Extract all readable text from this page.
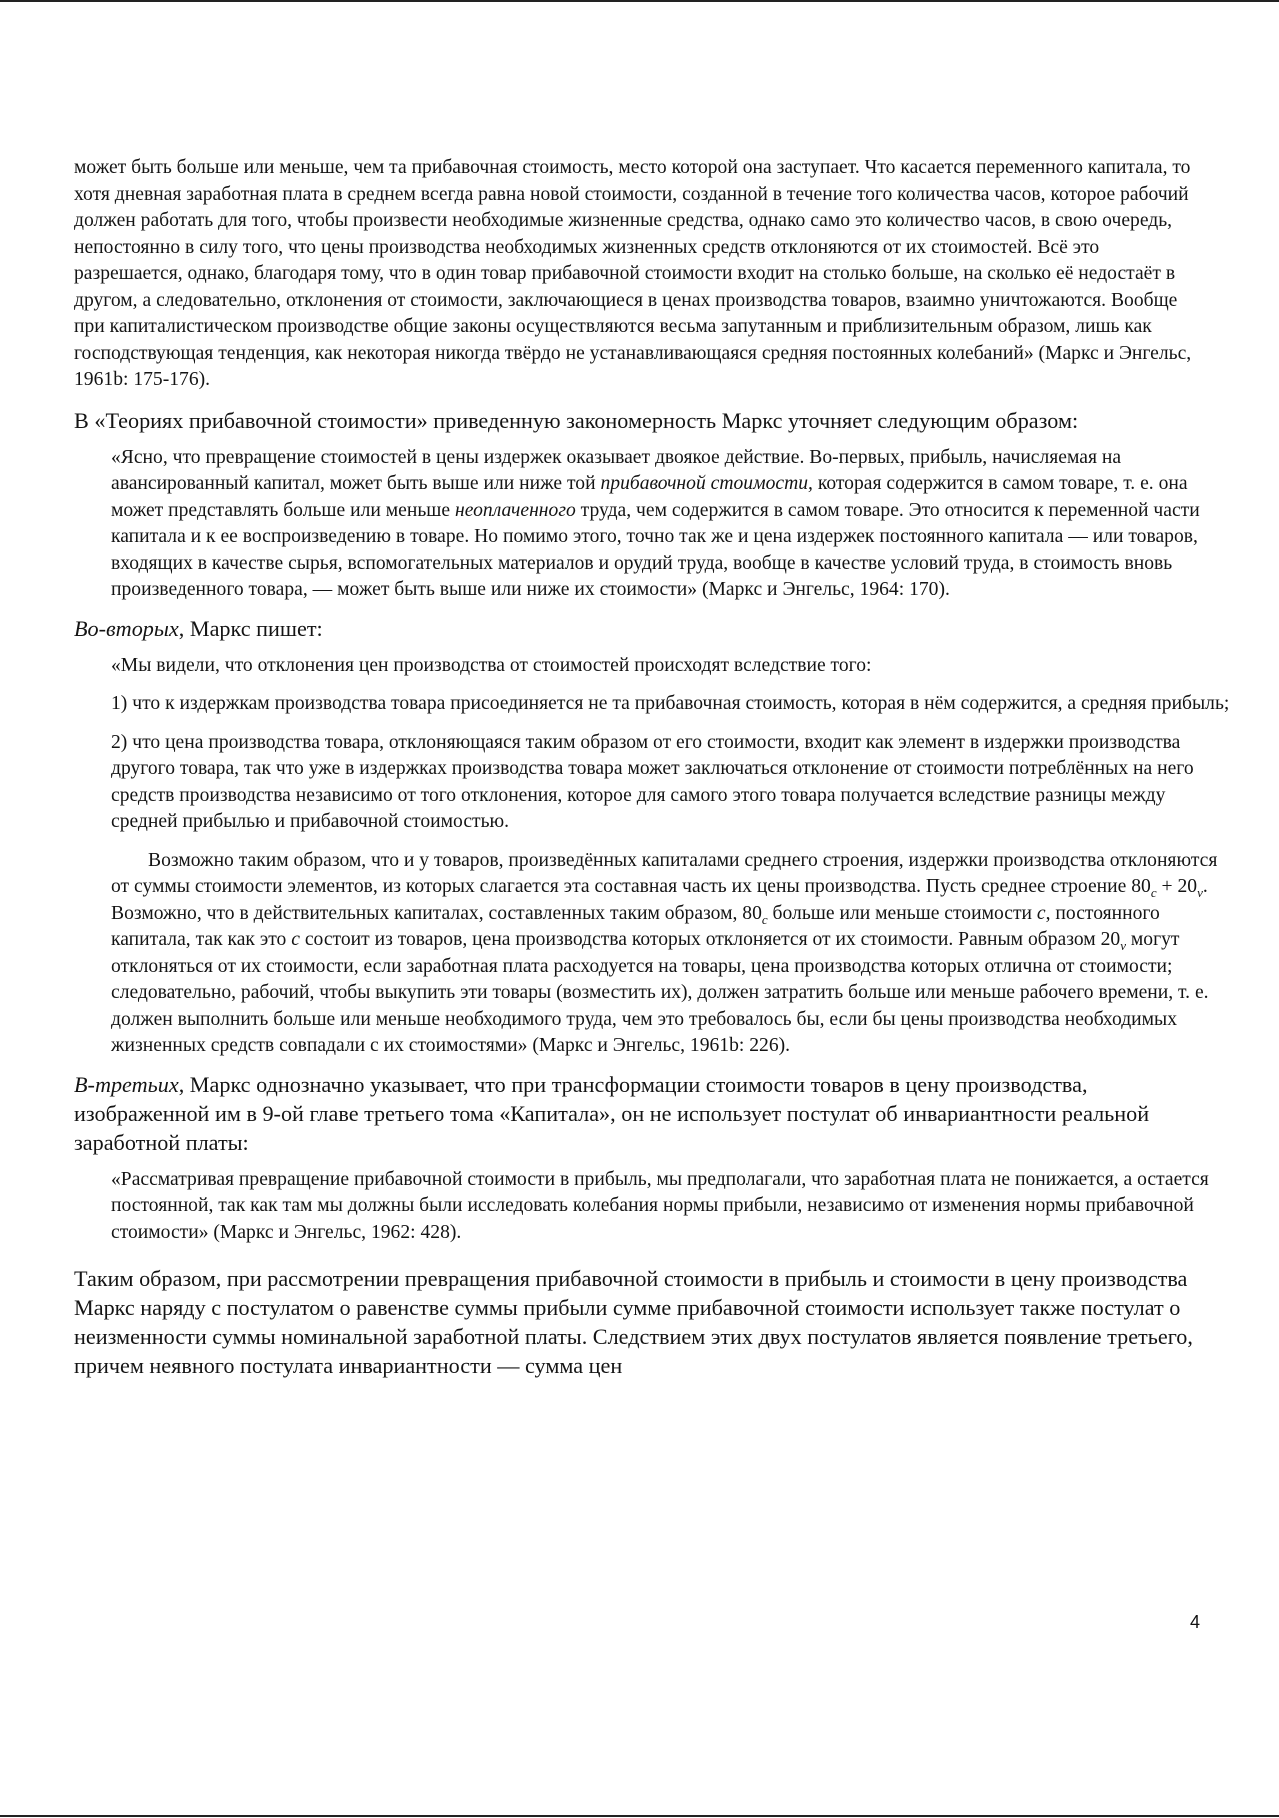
может быть больше или меньше, чем та прибавочная стоимость, место которой она заступает. Что касается переменного капитала, то хотя дневная заработная плата в среднем всегда равна новой стоимости, созданной в течение того количества часов, которое рабочий должен работать для того, чтобы произвести необходимые жизненные средства, однако само это количество часов, в свою очередь, непостоянно в силу того, что цены производства необходимых жизненных средств отклоняются от их стоимостей. Всё это разрешается, однако, благодаря тому, что в один товар прибавочной стоимости входит на столько больше, на сколько её недостаёт в другом, а следовательно, отклонения от стоимости, заключающиеся в ценах производства товаров, взаимно уничтожаются. Вообще при капиталистическом производстве общие законы осуществляются весьма запутанным и приблизительным образом, лишь как господствующая тенденция, как некоторая никогда твёрдо не устанавливающаяся средняя постоянных колебаний» (Маркс и Энгельс, 1961b: 175-176).

В «Теориях прибавочной стоимости» приведенную закономерность Маркс уточняет следующим образом:

«Ясно, что превращение стоимостей в цены издержек оказывает двоякое действие. Во-первых, прибыль, начисляемая на авансированный капитал, может быть выше или ниже той прибавочной стоимости, которая содержится в самом товаре, т. е. она может представлять больше или меньше неоплаченного труда, чем содержится в самом товаре. Это относится к переменной части капитала и к ее воспроизведению в товаре. Но помимо этого, точно так же и цена издержек постоянного капитала — или товаров, входящих в качестве сырья, вспомогательных материалов и орудий труда, вообще в качестве условий труда, в стоимость вновь произведенного товара, — может быть выше или ниже их стоимости» (Маркс и Энгельс, 1964: 170).

Во-вторых, Маркс пишет:

«Мы видели, что отклонения цен производства от стоимостей происходят вследствие того:

1) что к издержкам производства товара присоединяется не та прибавочная стоимость, которая в нём содержится, а средняя прибыль;

2) что цена производства товара, отклоняющаяся таким образом от его стоимости, входит как элемент в издержки производства другого товара, так что уже в издержках производства товара может заключаться отклонение от стоимости потреблённых на него средств производства независимо от того отклонения, которое для самого этого товара получается вследствие разницы между средней прибылью и прибавочной стоимостью.

Возможно таким образом, что и у товаров, произведённых капиталами среднего строения, издержки производства отклоняются от суммы стоимости элементов, из которых слагается эта составная часть их цены производства. Пусть среднее строение $80_c + 20_v$. Возможно, что в действительных капиталах, составленных таким образом, $80_c$ больше или меньше стоимости c, постоянного капитала, так как это c состоит из товаров, цена производства которых отклоняется от их стоимости. Равным образом $20_v$ могут отклоняться от их стоимости, если заработная плата расходуется на товары, цена производства которых отлична от стоимости; следовательно, рабочий, чтобы выкупить эти товары (возместить их), должен затратить больше или меньше рабочего времени, т. е. должен выполнить больше или меньше необходимого труда, чем это требовалось бы, если бы цены производства необходимых жизненных средств совпадали с их стоимостями» (Маркс и Энгельс, 1961b: 226).

В-третьих, Маркс однозначно указывает, что при трансформации стоимости товаров в цену производства, изображенной им в 9-ой главе третьего тома «Капитала», он не использует постулат об инвариантности реальной заработной платы:

«Рассматривая превращение прибавочной стоимости в прибыль, мы предполагали, что заработная плата не понижается, а остается постоянной, так как там мы должны были исследовать колебания нормы прибыли, независимо от изменения нормы прибавочной стоимости» (Маркс и Энгельс, 1962: 428).

Таким образом, при рассмотрении превращения прибавочной стоимости в прибыль и стоимости в цену производства Маркс наряду с постулатом о равенстве суммы прибыли сумме прибавочной стоимости использует также постулат о неизменности суммы номинальной заработной платы. Следствием этих двух постулатов является появление третьего, причем неявного постулата инвариантности — сумма цен

4
